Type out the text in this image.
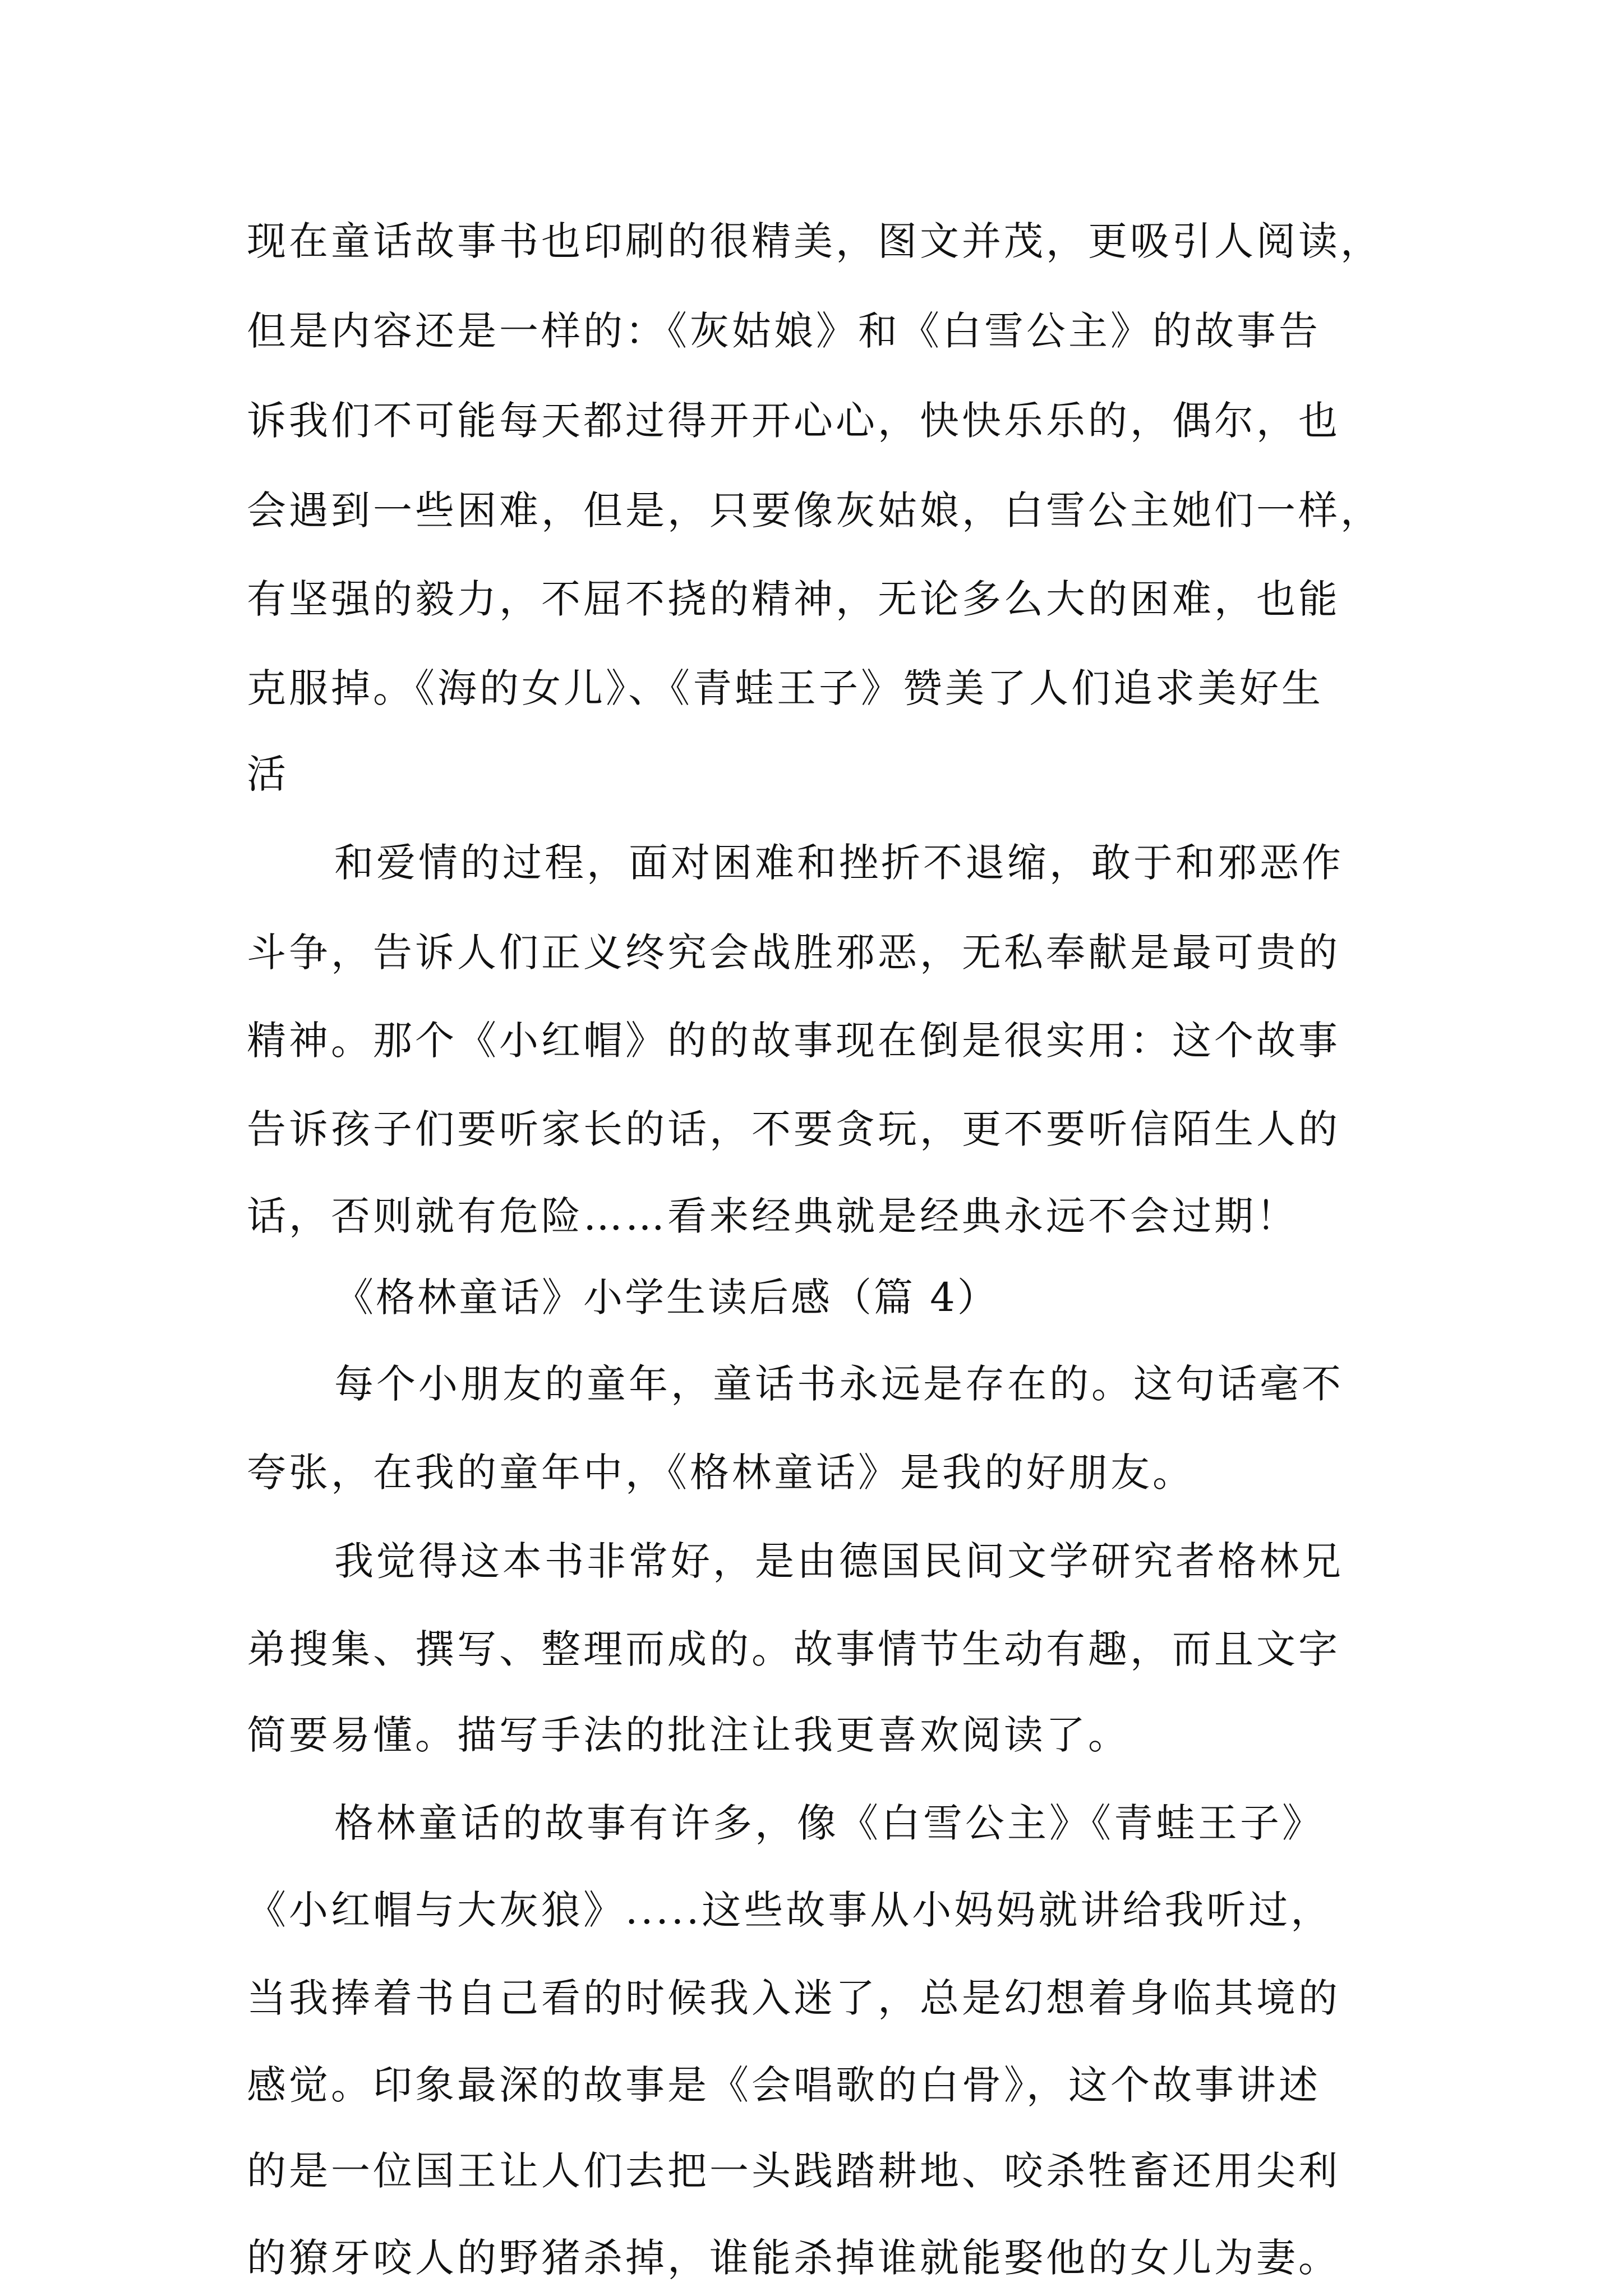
现在童话故事书也印刷的很精美，图文并茂，更吸引人阅读，

但是内容还是一样的：《灰姑娘》和《白雪公主》的故事告

诉我们不可能每天都过得开开心心，快快乐乐的，偶尔，也

会遇到一些困难，但是，只要像灰姑娘，白雪公主她们一样，

有坚强的毅力，不屈不挠的精神，无论多么大的困难，也能

克服掉。《海的女儿》、《青蛙王子》赞美了人们追求美好生

活

和爱情的过程，面对困难和挫折不退缩，敢于和邪恶作

斗争，告诉人们正义终究会战胜邪恶，无私奉献是最可贵的

精神。那个《小红帽》的的故事现在倒是很实用：这个故事

告诉孩子们要听家长的话，不要贪玩，更不要听信陌生人的

话，否则就有危险……看来经典就是经典永远不会过期！

《格林童话》小学生读后感（篇 4）

每个小朋友的童年，童话书永远是存在的。这句话毫不

夸张，在我的童年中，《格林童话》是我的好朋友。

我觉得这本书非常好，是由德国民间文学研究者格林兄

弟搜集、撰写、整理而成的。故事情节生动有趣，而且文字

简要易懂。描写手法的批注让我更喜欢阅读了。

格林童话的故事有许多，像《白雪公主》《青蛙王子》

《小红帽与大灰狼》.....这些故事从小妈妈就讲给我听过，

当我捧着书自己看的时候我入迷了，总是幻想着身临其境的

感觉。印象最深的故事是《会唱歌的白骨》，这个故事讲述

的是一位国王让人们去把一头践踏耕地、咬杀牲畜还用尖利

的獠牙咬人的野猪杀掉，谁能杀掉谁就能娶他的女儿为妻。
